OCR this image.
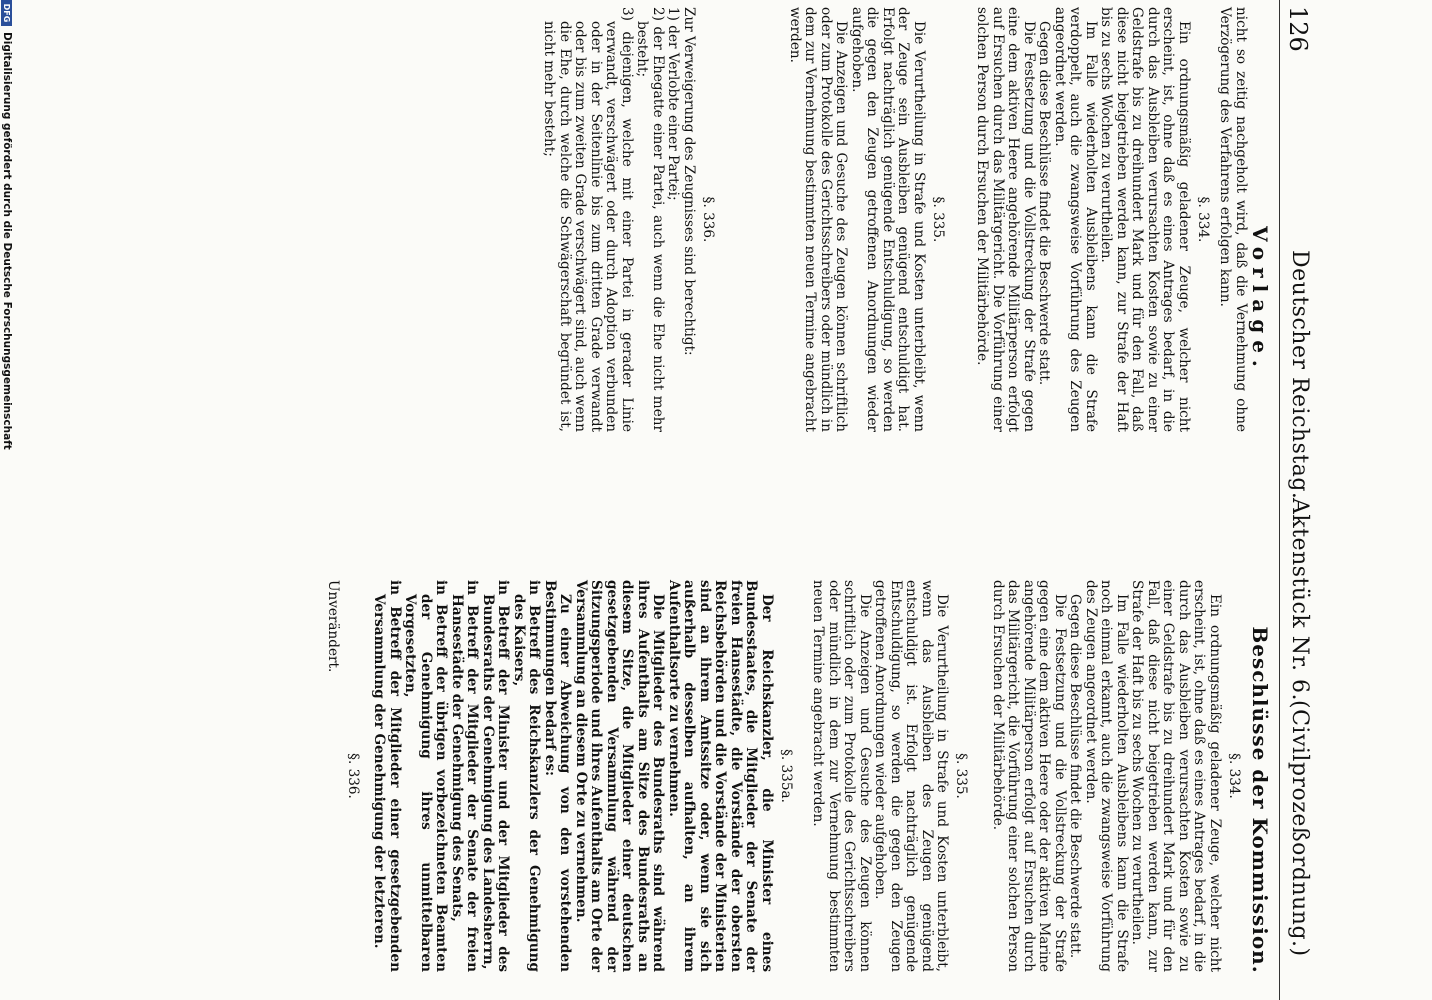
126
Deutscher Reichstag.
Aktenstück Nr. 6.
(Civilprozeßordnung.)
Vorlage.
Beschlüsse der Kommission.

nicht so zeitig nachgeholt wird, daß die Vernehmung ohne Verzögerung des Verfahrens erfolgen kann.

§. 334.

Ein ordnungsmäßig geladener Zeuge, welcher nicht erscheint, ist, ohne daß es eines Antrages bedarf, in die durch das Ausbleiben verursachten Kosten sowie zu einer Geldstrafe bis zu dreihundert Mark und für den Fall, daß diese nicht beigetrieben werden kann, zur Strafe der Haft bis zu sechs Wochen zu verurtheilen.

Im Falle wiederholten Ausbleibens kann die Strafe verdoppelt, auch die zwangsweise Vorführung des Zeugen angeordnet werden.

Gegen diese Beschlüsse findet die Beschwerde statt.

Die Festsetzung und die Vollstreckung der Strafe gegen eine dem aktiven Heere angehörende Militärperson erfolgt auf Ersuchen durch das Militärgericht. Die Vorführung einer solchen Person durch Ersuchen der Militärbehörde.

§. 335.

Die Verurtheilung in Strafe und Kosten unterbleibt, wenn der Zeuge sein Ausbleiben genügend entschuldigt hat. Erfolgt nachträglich genügende Entschuldigung, so werden die gegen den Zeugen getroffenen Anordnungen wieder aufgehoben.

Die Anzeigen und Gesuche des Zeugen können schriftlich oder zum Protokolle des Gerichtsschreibers oder mündlich in dem zur Vernehmung bestimmten neuen Termine angebracht werden.

§. 336.

Zur Verweigerung des Zeugnisses sind berechtigt:

1) der Verlobte einer Partei;

2) der Ehegatte einer Partei, auch wenn die Ehe nicht mehr besteht;

3) diejenigen, welche mit einer Partei in gerader Linie verwandt, verschwägert oder durch Adoption verbunden oder in der Seitenlinie bis zum dritten Grade verwandt oder bis zum zweiten Grade verschwägert sind, auch wenn die Ehe, durch welche die Schwägerschaft begründet ist, nicht mehr besteht;

§. 334.

Ein ordnungsmäßig geladener Zeuge, welcher nicht erscheint, ist, ohne daß es eines Antrages bedarf, in die durch das Ausbleiben verursachten Kosten sowie zu einer Geldstrafe bis zu dreihundert Mark und für den Fall, daß diese nicht beigetrieben werden kann, zur Strafe der Haft bis zu sechs Wochen zu verurtheilen.

Im Falle wiederholten Ausbleibens kann die Strafe noch einmal erkannt, auch die zwangsweise Vorführung des Zeugen angeordnet werden.

Gegen diese Beschlüsse findet die Beschwerde statt.

Die Festsetzung und die Vollstreckung der Strafe gegen eine dem aktiven Heere oder der aktiven Marine angehörende Militärperson erfolgt auf Ersuchen durch das Militärgericht, die Vorführung einer solchen Person durch Ersuchen der Militärbehörde.

§. 335.

Die Verurtheilung in Strafe und Kosten unterbleibt, wenn das Ausbleiben des Zeugen genügend entschuldigt ist. Erfolgt nachträglich genügende Entschuldigung, so werden die gegen den Zeugen getroffenen Anordnungen wieder aufgehoben.

Die Anzeigen und Gesuche des Zeugen können schriftlich oder zum Protokolle des Gerichtsschreibers oder mündlich in dem zur Vernehmung bestimmten neuen Termine angebracht werden.

§. 335a.

Der Reichskanzler, die Minister eines Bundesstaates, die Mitglieder der Senate der freien Hansestädte, die Vorstände der obersten Reichsbehörden und die Vorstände der Ministerien sind an ihrem Amtssitze oder, wenn sie sich außerhalb desselben aufhalten, an ihrem Aufenthaltsorte zu vernehmen.

Die Mitglieder des Bundesraths sind während ihres Aufenthalts am Sitze des Bundesraths an diesem Sitze, die Mitglieder einer deutschen gesetzgebenden Versammlung während der Sitzungsperiode und ihres Aufenthalts am Orte der Versammlung an diesem Orte zu vernehmen.

Zu einer Abweichung von den vorstehenden Bestimmungen bedarf es:

in Betreff des Reichskanzlers der Genehmigung des Kaisers,

in Betreff der Minister und der Mitglieder des Bundesraths der Genehmigung des Landesherrn,

in Betreff der Mitglieder der Senate der freien Hansestädte der Genehmigung des Senats,

in Betreff der übrigen vorbezeichneten Beamten der Genehmigung ihres unmittelbaren Vorgesetzten,

in Betreff der Mitglieder einer gesetzgebenden Versammlung der Genehmigung der letzteren.

§. 336.
Unverändert.
DFG
Digitalisierung gefördert durch die Deutsche Forschungsgemeinschaft
